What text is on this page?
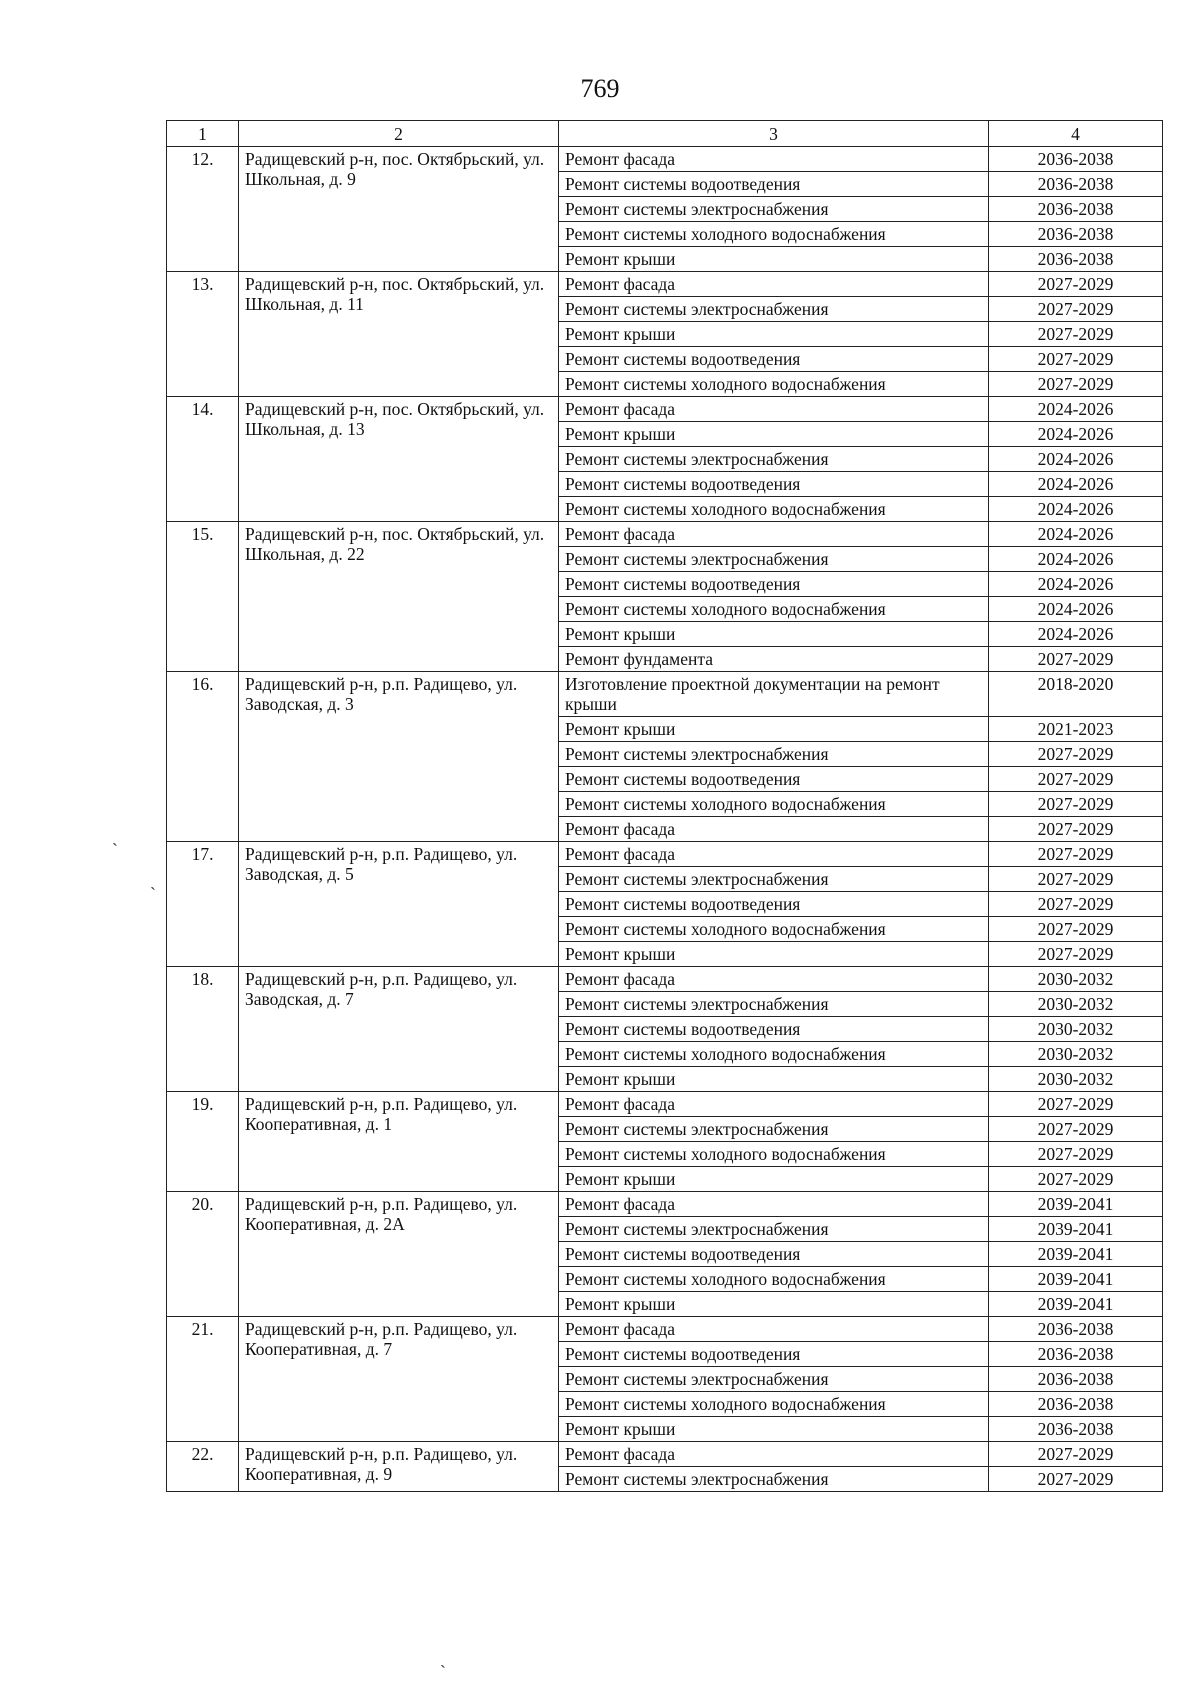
769
1	2	3	4
12.	Радищевский р-н, пос. Октябрьский, ул. Школьная, д. 9	Ремонт фасада	2036-2038
		Ремонт системы водоотведения	2036-2038
		Ремонт системы электроснабжения	2036-2038
		Ремонт системы холодного водоснабжения	2036-2038
		Ремонт крыши	2036-2038
13.	Радищевский р-н, пос. Октябрьский, ул. Школьная, д. 11	Ремонт фасада	2027-2029
		Ремонт системы электроснабжения	2027-2029
		Ремонт крыши	2027-2029
		Ремонт системы водоотведения	2027-2029
		Ремонт системы холодного водоснабжения	2027-2029
14.	Радищевский р-н, пос. Октябрьский, ул. Школьная, д. 13	Ремонт фасада	2024-2026
		Ремонт крыши	2024-2026
		Ремонт системы электроснабжения	2024-2026
		Ремонт системы водоотведения	2024-2026
		Ремонт системы холодного водоснабжения	2024-2026
15.	Радищевский р-н, пос. Октябрьский, ул. Школьная, д. 22	Ремонт фасада	2024-2026
		Ремонт системы электроснабжения	2024-2026
		Ремонт системы водоотведения	2024-2026
		Ремонт системы холодного водоснабжения	2024-2026
		Ремонт крыши	2024-2026
		Ремонт фундамента	2027-2029
16.	Радищевский р-н, р.п. Радищево, ул. Заводская, д. 3	Изготовление проектной документации на ремонт крыши	2018-2020
		Ремонт крыши	2021-2023
		Ремонт системы электроснабжения	2027-2029
		Ремонт системы водоотведения	2027-2029
		Ремонт системы холодного водоснабжения	2027-2029
		Ремонт фасада	2027-2029
17.	Радищевский р-н, р.п. Радищево, ул. Заводская, д. 5	Ремонт фасада	2027-2029
		Ремонт системы электроснабжения	2027-2029
		Ремонт системы водоотведения	2027-2029
		Ремонт системы холодного водоснабжения	2027-2029
		Ремонт крыши	2027-2029
18.	Радищевский р-н, р.п. Радищево, ул. Заводская, д. 7	Ремонт фасада	2030-2032
		Ремонт системы электроснабжения	2030-2032
		Ремонт системы водоотведения	2030-2032
		Ремонт системы холодного водоснабжения	2030-2032
		Ремонт крыши	2030-2032
19.	Радищевский р-н, р.п. Радищево, ул. Кооперативная, д. 1	Ремонт фасада	2027-2029
		Ремонт системы электроснабжения	2027-2029
		Ремонт системы холодного водоснабжения	2027-2029
		Ремонт крыши	2027-2029
20.	Радищевский р-н, р.п. Радищево, ул. Кооперативная, д. 2А	Ремонт фасада	2039-2041
		Ремонт системы электроснабжения	2039-2041
		Ремонт системы водоотведения	2039-2041
		Ремонт системы холодного водоснабжения	2039-2041
		Ремонт крыши	2039-2041
21.	Радищевский р-н, р.п. Радищево, ул. Кооперативная, д. 7	Ремонт фасада	2036-2038
		Ремонт системы водоотведения	2036-2038
		Ремонт системы электроснабжения	2036-2038
		Ремонт системы холодного водоснабжения	2036-2038
		Ремонт крыши	2036-2038
22.	Радищевский р-н, р.п. Радищево, ул. Кооперативная, д. 9	Ремонт фасада	2027-2029
		Ремонт системы электроснабжения	2027-2029
ˎ
ˎ
ˎ
